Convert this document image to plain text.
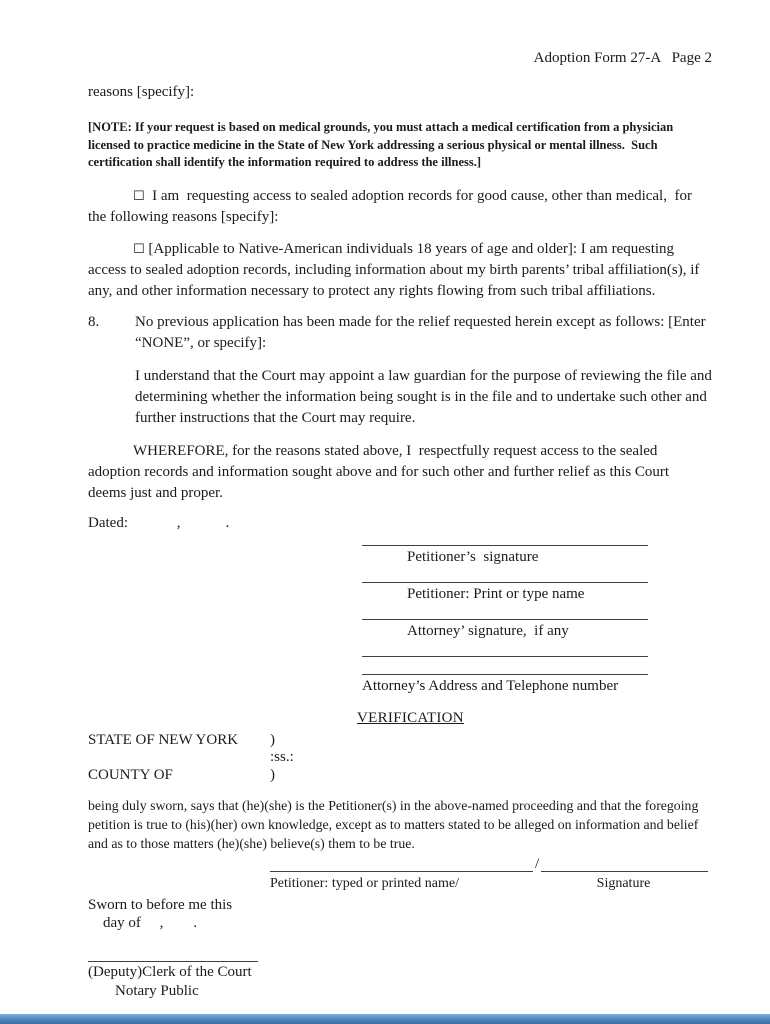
Adoption Form 27-A   Page 2
reasons [specify]:
[NOTE: If your request is based on medical grounds, you must attach a medical certification from a physician
licensed to practice medicine in the State of New York addressing a serious physical or mental illness.  Such
certification shall identify the information required to address the illness.]
☐  I am  requesting access to sealed adoption records for good cause, other than medical,  for
the following reasons [specify]:
☐ [Applicable to Native-American individuals 18 years of age and older]: I am requesting
access to sealed adoption records, including information about my birth parents’ tribal affiliation(s), if
any, and other information necessary to protect any rights flowing from such tribal affiliations.
8.	No previous application has been made for the relief requested herein except as follows: [Enter
“NONE”, or specify]:
I understand that the Court may appoint a law guardian for the purpose of reviewing the file and
determining whether the information being sought is in the file and to undertake such other and
further instructions that the Court may require.
WHEREFORE, for the reasons stated above, I  respectfully request access to the sealed
adoption records and information sought above and for such other and further relief as this Court
deems just and proper.
Dated:             ,            .
Petitioner’s  signature
Petitioner: Print or type name
Attorney’ signature,  if any
Attorney’s Address and Telephone number
VERIFICATION
STATE OF NEW YORK )
:ss.:
COUNTY OF	)
being duly sworn, says that (he)(she) is the Petitioner(s) in the above-named proceeding and that the foregoing
petition is true to (his)(her) own knowledge, except as to matters stated to be alleged on information and belief
and as to those matters (he)(she) believe(s) them to be true.
/
Petitioner: typed or printed name/	Signature
Sworn to before me this
day of     ,        .
(Deputy)Clerk of the Court
Notary Public
